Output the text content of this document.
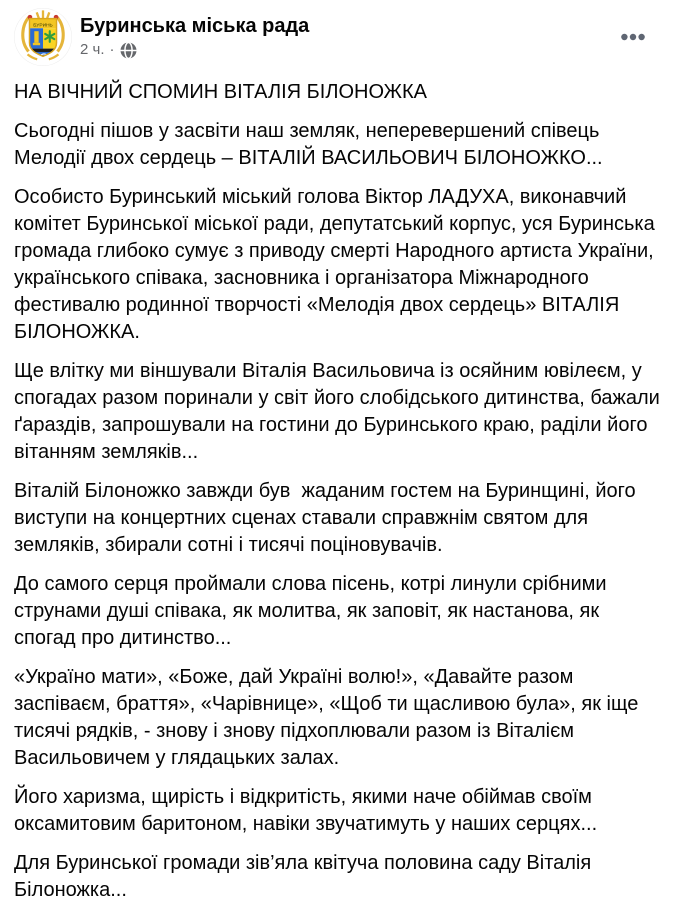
БУРИНЬ Буринська міська рада
2 ч. ·

НА ВІЧНИЙ СПОМИН ВІТАЛІЯ БІЛОНОЖКА

Сьогодні пішов у засвіти наш земляк, неперевершений співець Мелодії двох сердець – ВІТАЛІЙ ВАСИЛЬОВИЧ БІЛОНОЖКО...

Особисто Буринський міський голова Віктор ЛАДУХА, виконавчий комітет Буринської міської ради, депутатський корпус, уся Буринська громада глибоко сумує з приводу смерті Народного артиста України, українського співака, засновника і організатора Міжнародного фестивалю родинної творчості «Мелодія двох сердець» ВІТАЛІЯ БІЛОНОЖКА.

Ще влітку ми віншували Віталія Васильовича із осяйним ювілеєм, у спогадах разом поринали у світ його слобідського дитинства, бажали ґараздів, запрошували на гостини до Буринського краю, раділи його вітанням земляків...

Віталій Білоножко завжди був  жаданим гостем на Буринщині, його виступи на концертних сценах ставали справжнім святом для земляків, збирали сотні і тисячі поціновувачів.

До самого серця проймали слова пісень, котрі линули срібними струнами душі співака, як молитва, як заповіт, як настанова, як спогад про дитинство...

«Україно мати», «Боже, дай Україні волю!», «Давайте разом заспіваєм, браття», «Чарівнице», «Щоб ти щасливою була», як іще тисячі рядків, - знову і знову підхоплювали разом із Віталієм Васильовичем у глядацьких залах.

Його харизма, щирість і відкритість, якими наче обіймав своїм оксамитовим баритоном, навіки звучатимуть у наших серцях...

Для Буринської громади зів’яла квітуча половина саду Віталія Білоножка...
